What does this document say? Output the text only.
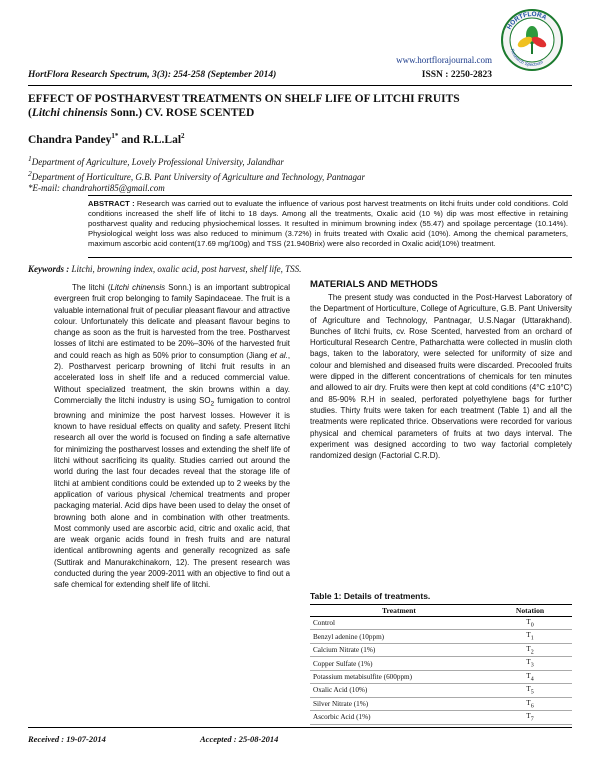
www.hortflorajournal.com
HortFlora Research Spectrum, 3(3): 254-258 (September 2014)	ISSN : 2250-2823
HORTFLORA
Research Spectrum
EFFECT OF POSTHARVEST TREATMENTS ON SHELF LIFE OF LITCHI FRUITS
(Litchi chinensis Sonn.) CV. ROSE SCENTED
Chandra Pandey$^{1*}$ and R.L.Lal$^2$
$^1$Department of Agriculture, Lovely Professional University, Jalandhar
$^2$Department of Horticulture, G.B. Pant University of Agriculture and Technology, Pantnagar
*E-mail: chandrahorti85@gmail.com
ABSTRACT : Research was carried out to evaluate the influence of various post harvest treatments on litchi fruits under cold conditions. Cold conditions increased the shelf life of litchi to 18 days. Among all the treatments, Oxalic acid (10 %) dip was most effective in retaining postharvest quality and reducing physiochemical losses. It resulted in minimum browning index (55.47) and spoilage percentage (10.14%). Physiological weight loss was also reduced to minimum (3.72%) in fruits treated with Oxalic acid (10%). Among the chemical parameters, maximum ascorbic acid content(17.69 mg/100g) and TSS (21.940Brix) were also recorded in Oxalic acid(10%) treatment.
Keywords : Litchi, browning index, oxalic acid, post harvest, shelf life, TSS.

The litchi (Litchi chinensis Sonn.) is an important subtropical evergreen fruit crop belonging to family Sapindaceae. The fruit is a valuable international fruit of peculiar pleasant flavour and attractive colour. Unfortunately this delicate and pleasant flavour begins to change as soon as the fruit is harvested from the tree. Postharvest losses of litchi are estimated to be 20%–30% of the harvested fruit and could reach as high as 50% prior to consumption (Jiang et al., 2). Postharvest pericarp browning of litchi fruit results in an accelerated loss in shelf life and a reduced commercial value. Without specialized treatment, the skin browns within a day. Commercially the litchi industry is using $SO_2$ fumigation to control browning and minimize the post harvest losses. However it is known to have residual effects on quality and safety. Present litchi research all over the world is focused on finding a safe alternative for minimizing the postharvest losses and extending the shelf life of litchi without sacrificing its quality. Studies carried out around the world during the last four decades reveal that the storage life of litchi at ambient conditions could be extended up to 2 weeks by the application of various physical /chemical treatments and proper packaging material. Acid dips have been used to delay the onset of browning both alone and in combination with other treatments. Most commonly used are ascorbic acid, citric and oxalic acid, that are weak organic acids found in fresh fruits and are natural identical antibrowning agents and generally recognized as safe (Suttirak and Manurakchinakorn, 12). The present research was conducted during the year 2009-2011 with an objective to find out a safe chemical for extending shelf life of litchi.

MATERIALS AND METHODS

The present study was conducted in the Post-Harvest Laboratory of the Department of Horticulture, College of Agriculture, G.B. Pant University of Agriculture and Technology, Pantnagar, U.S.Nagar (Uttarakhand). Bunches of litchi fruits, cv. Rose Scented, harvested from an orchard of Horticultural Research Centre, Patharchatta were collected in muslin cloth bags, taken to the laboratory, were selected for uniformity of size and colour and blemished and diseased fruits were discarded. Precooled fruits were dipped in the different concentrations of chemicals for ten minutes and allowed to air dry. Fruits were then kept at cold conditions (4°C ±10°C) and 85-90% R.H in sealed, perforated polyethylene bags for further studies. Thirty fruits were taken for each treatment (Table 1) and all the treatments were replicated thrice. Observations were recorded for various physical and chemical parameters of fruits at two days interval. The experiment was designed according to two way factorial completely randomized design (Factorial C.R.D).

Table 1: Details of treatments.
Treatment	Notation
Control	$T_0$
Benzyl adenine (10ppm)	$T_1$
Calcium Nitrate (1%)	$T_2$
Copper Sulfate (1%)	$T_3$
Potassium metabisulfite (600ppm)	$T_4$
Oxalic Acid (10%)	$T_5$
Silver Nitrate (1%)	$T_6$
Ascorbic Acid (1%)	$T_7$
Received : 19-07-2014	Accepted : 25-08-2014
